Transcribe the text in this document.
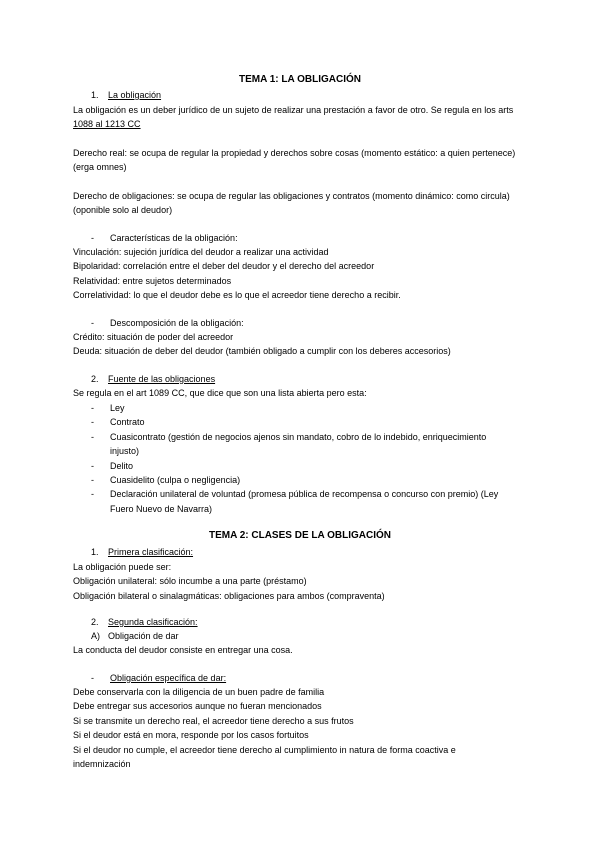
TEMA 1: LA OBLIGACIÓN
1. La obligación
La obligación es un deber jurídico de un sujeto de realizar una prestación a favor de otro. Se regula en los arts
1088 al 1213 CC
Derecho real: se ocupa de regular la propiedad y derechos sobre cosas (momento estático: a quien pertenece)
(erga omnes)
Derecho de obligaciones: se ocupa de regular las obligaciones y contratos (momento dinámico: como circula)
(oponible solo al deudor)
- Características de la obligación:
Vinculación: sujeción jurídica del deudor a realizar una actividad
Bipolaridad: correlación entre el deber del deudor y el derecho del acreedor
Relatividad: entre sujetos determinados
Correlatividad: lo que el deudor debe es lo que el acreedor tiene derecho a recibir.
- Descomposición de la obligación:
Crédito: situación de poder del acreedor
Deuda: situación de deber del deudor (también obligado a cumplir con los deberes accesorios)
2. Fuente de las obligaciones
Se regula en el art 1089 CC, que dice que son una lista abierta pero esta:
-	Ley
-	Contrato
-	Cuasicontrato (gestión de negocios ajenos sin mandato, cobro de lo indebido, enriquecimiento
injusto)
-	Delito
-	Cuasidelito (culpa o negligencia)
-	Declaración unilateral de voluntad (promesa pública de recompensa o concurso con premio) (Ley
Fuero Nuevo de Navarra)
TEMA 2: CLASES DE LA OBLIGACIÓN
1. Primera clasificación:
La obligación puede ser:
Obligación unilateral: sólo incumbe a una parte (préstamo)
Obligación bilateral o sinalagmáticas: obligaciones para ambos (compraventa)
2. Segunda clasificación:
A) Obligación de dar
La conducta del deudor consiste en entregar una cosa.
- Obligación específica de dar:
Debe conservarla con la diligencia de un buen padre de familia
Debe entregar sus accesorios aunque no fueran mencionados
Si se transmite un derecho real, el acreedor tiene derecho a sus frutos
Si el deudor está en mora, responde por los casos fortuitos
Si el deudor no cumple, el acreedor tiene derecho al cumplimiento in natura de forma coactiva e
indemnización
